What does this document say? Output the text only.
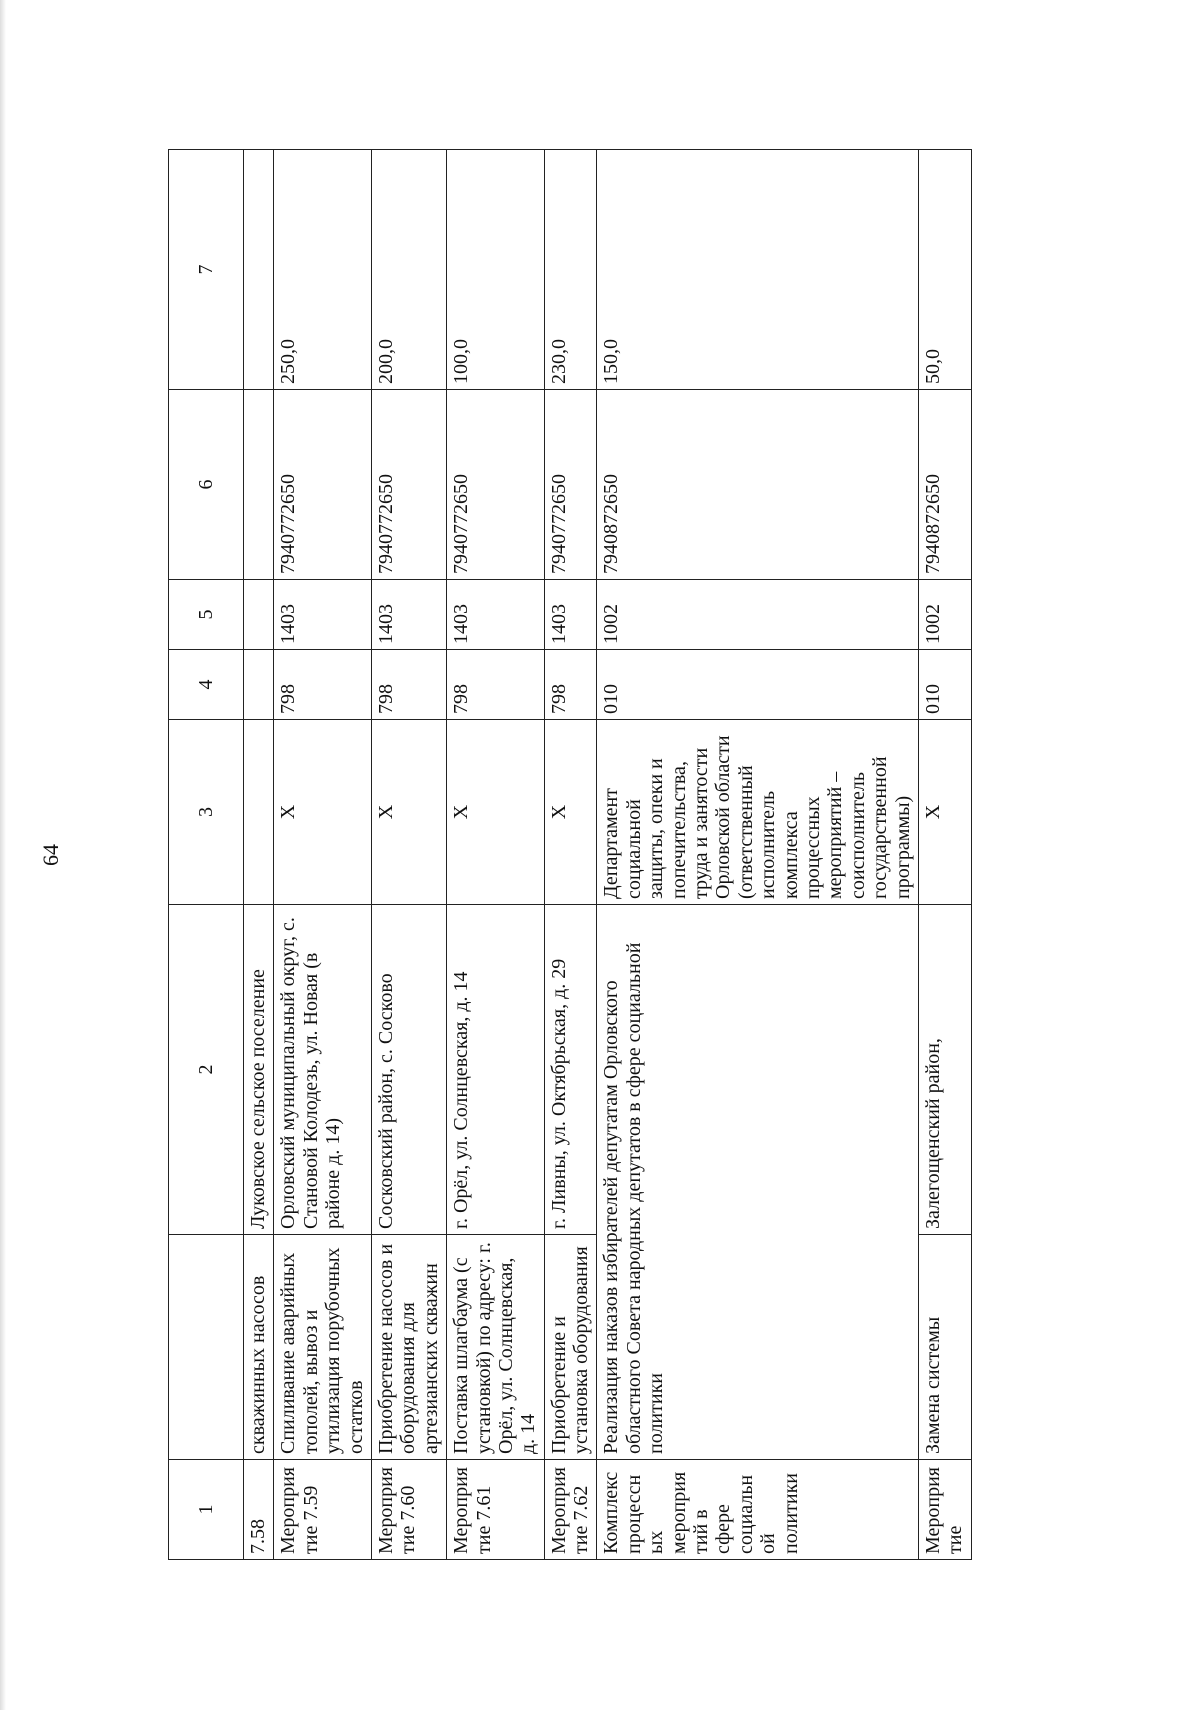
64
1		2	3	4	5	6	7
7.58	скважинных насосов	Луковское сельское поселение					
Мероприятие 7.59	Спиливание аварийных тополей, вывоз и утилизация порубочных остатков	Орловский муниципальный округ, с. Становой Колодезь, ул. Новая (в районе д. 14)	Х	798	1403	7940772650	250,0
Мероприятие 7.60	Приобретение насосов и оборудования для артезианских скважин	Сосковский район, с. Сосково	Х	798	1403	7940772650	200,0
Мероприятие 7.61	Поставка шлагбаума (с установкой) по адресу: г. Орёл, ул. Солнцевская, д. 14	г. Орёл, ул. Солнцевская, д. 14	Х	798	1403	7940772650	100,0
Мероприятие 7.62	Приобретение и установка оборудования	г. Ливны, ул. Октябрьская, д. 29	Х	798	1403	7940772650	230,0
Комплекс процессных мероприятий в сфере социальной политики	Реализация наказов избирателей депутатам Орловского областного Совета народных депутатов в сфере социальной политики		Департамент социальной защиты, опеки и попечительства, труда и занятости Орловской области (ответственный исполнитель комплекса процессных мероприятий – соисполнитель государственной программы)	010	1002	7940872650	150,0
Мероприятие	Замена системы	Залегощенский район,	Х	010	1002	7940872650	50,0
